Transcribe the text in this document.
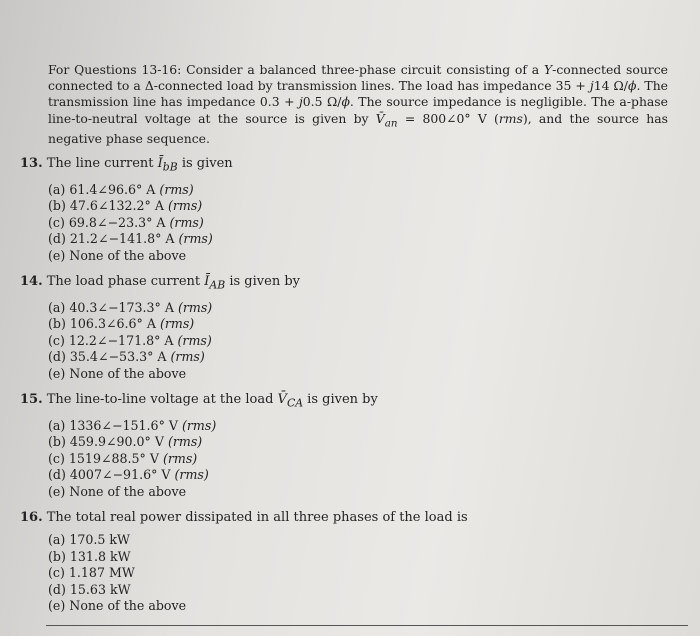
For Questions 13-16: Consider a balanced three-phase circuit consisting of a Y-connected source connected to a Δ-connected load by transmission lines. The load has impedance 35 + j14 Ω/ϕ. The transmission line has impedance 0.3 + j0.5 Ω/ϕ. The source impedance is negligible. The a-phase line-to-neutral voltage at the source is given by $V̄_{an}$ = 800∠0° V (rms), and the source has negative phase sequence.
13. The line current $Ī_{bB}$ is given
(a) 61.4∠96.6° A (rms)
(b) 47.6∠132.2° A (rms)
(c) 69.8∠−23.3° A (rms)
(d) 21.2∠−141.8° A (rms)
(e) None of the above
14. The load phase current $Ī_{AB}$ is given by
(a) 40.3∠−173.3° A (rms)
(b) 106.3∠6.6° A (rms)
(c) 12.2∠−171.8° A (rms)
(d) 35.4∠−53.3° A (rms)
(e) None of the above
15. The line-to-line voltage at the load $V̄_{CA}$ is given by
(a) 1336∠−151.6° V (rms)
(b) 459.9∠90.0° V (rms)
(c) 1519∠88.5° V (rms)
(d) 4007∠−91.6° V (rms)
(e) None of the above
16. The total real power dissipated in all three phases of the load is
(a) 170.5 kW
(b) 131.8 kW
(c) 1.187 MW
(d) 15.63 kW
(e) None of the above
